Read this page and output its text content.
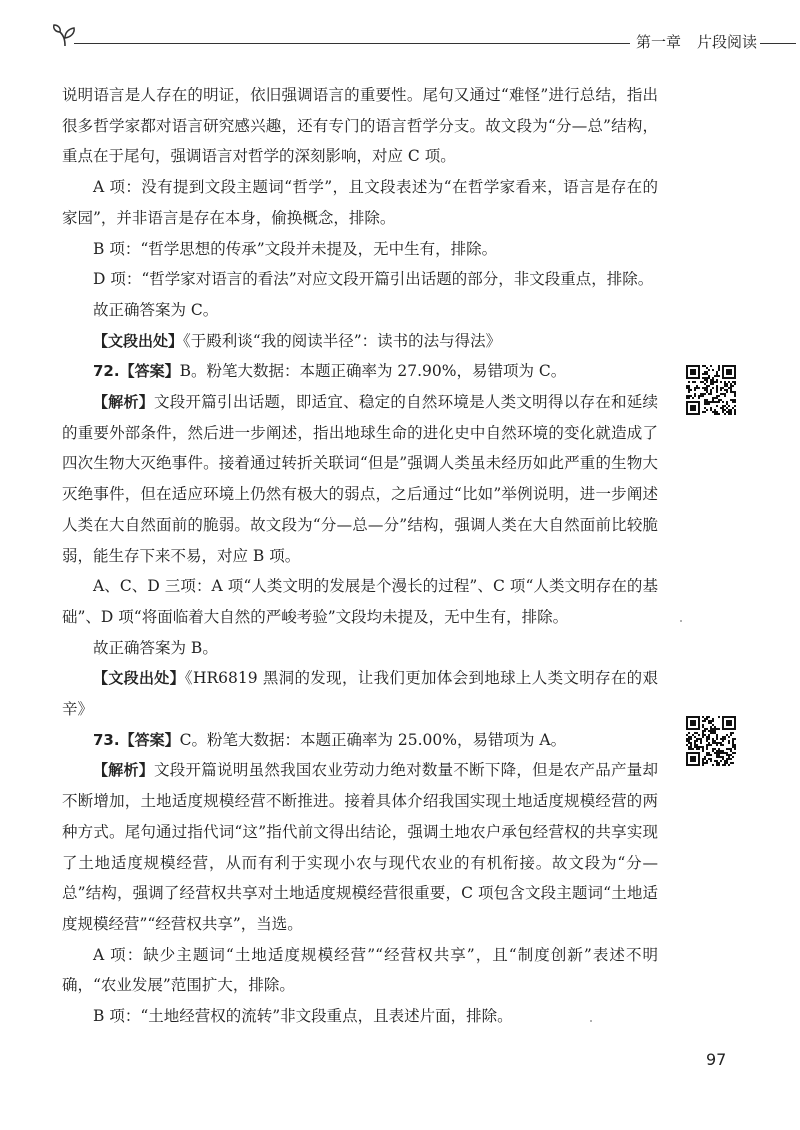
第一章 片段阅读

说明语言是人存在的明证，依旧强调语言的重要性。尾句又通过“难怪”进行总结，指出很多哲学家都对语言研究感兴趣，还有专门的语言哲学分支。故文段为“分—总”结构，重点在于尾句，强调语言对哲学的深刻影响，对应 C 项。

A 项：没有提到文段主题词“哲学”，且文段表述为“在哲学家看来，语言是存在的家园”，并非语言是存在本身，偷换概念，排除。

B 项：“哲学思想的传承”文段并未提及，无中生有，排除。

D 项：“哲学家对语言的看法”对应文段开篇引出话题的部分，非文段重点，排除。

故正确答案为 C。

【文段出处】《于殿利谈“我的阅读半径”：读书的法与得法》

72.【答案】B。粉笔大数据：本题正确率为 27.90%，易错项为 C。

【解析】文段开篇引出话题，即适宜、稳定的自然环境是人类文明得以存在和延续的重要外部条件，然后进一步阐述，指出地球生命的进化史中自然环境的变化就造成了四次生物大灭绝事件。接着通过转折关联词“但是”强调人类虽未经历如此严重的生物大灭绝事件，但在适应环境上仍然有极大的弱点，之后通过“比如”举例说明，进一步阐述人类在大自然面前的脆弱。故文段为“分—总—分”结构，强调人类在大自然面前比较脆弱，能生存下来不易，对应 B 项。

A、C、D 三项：A 项“人类文明的发展是个漫长的过程”、C 项“人类文明存在的基础”、D 项“将面临着大自然的严峻考验”文段均未提及，无中生有，排除。

故正确答案为 B。

【文段出处】《HR6819 黑洞的发现，让我们更加体会到地球上人类文明存在的艰辛》

73.【答案】C。粉笔大数据：本题正确率为 25.00%，易错项为 A。

【解析】文段开篇说明虽然我国农业劳动力绝对数量不断下降，但是农产品产量却不断增加，土地适度规模经营不断推进。接着具体介绍我国实现土地适度规模经营的两种方式。尾句通过指代词“这”指代前文得出结论，强调土地农户承包经营权的共享实现了土地适度规模经营，从而有利于实现小农与现代农业的有机衔接。故文段为“分—总”结构，强调了经营权共享对土地适度规模经营很重要，C 项包含文段主题词“土地适度规模经营”“经营权共享”，当选。

A 项：缺少主题词“土地适度规模经营”“经营权共享”，且“制度创新”表述不明确，“农业发展”范围扩大，排除。

B 项：“土地经营权的流转”非文段重点，且表述片面，排除。

97
